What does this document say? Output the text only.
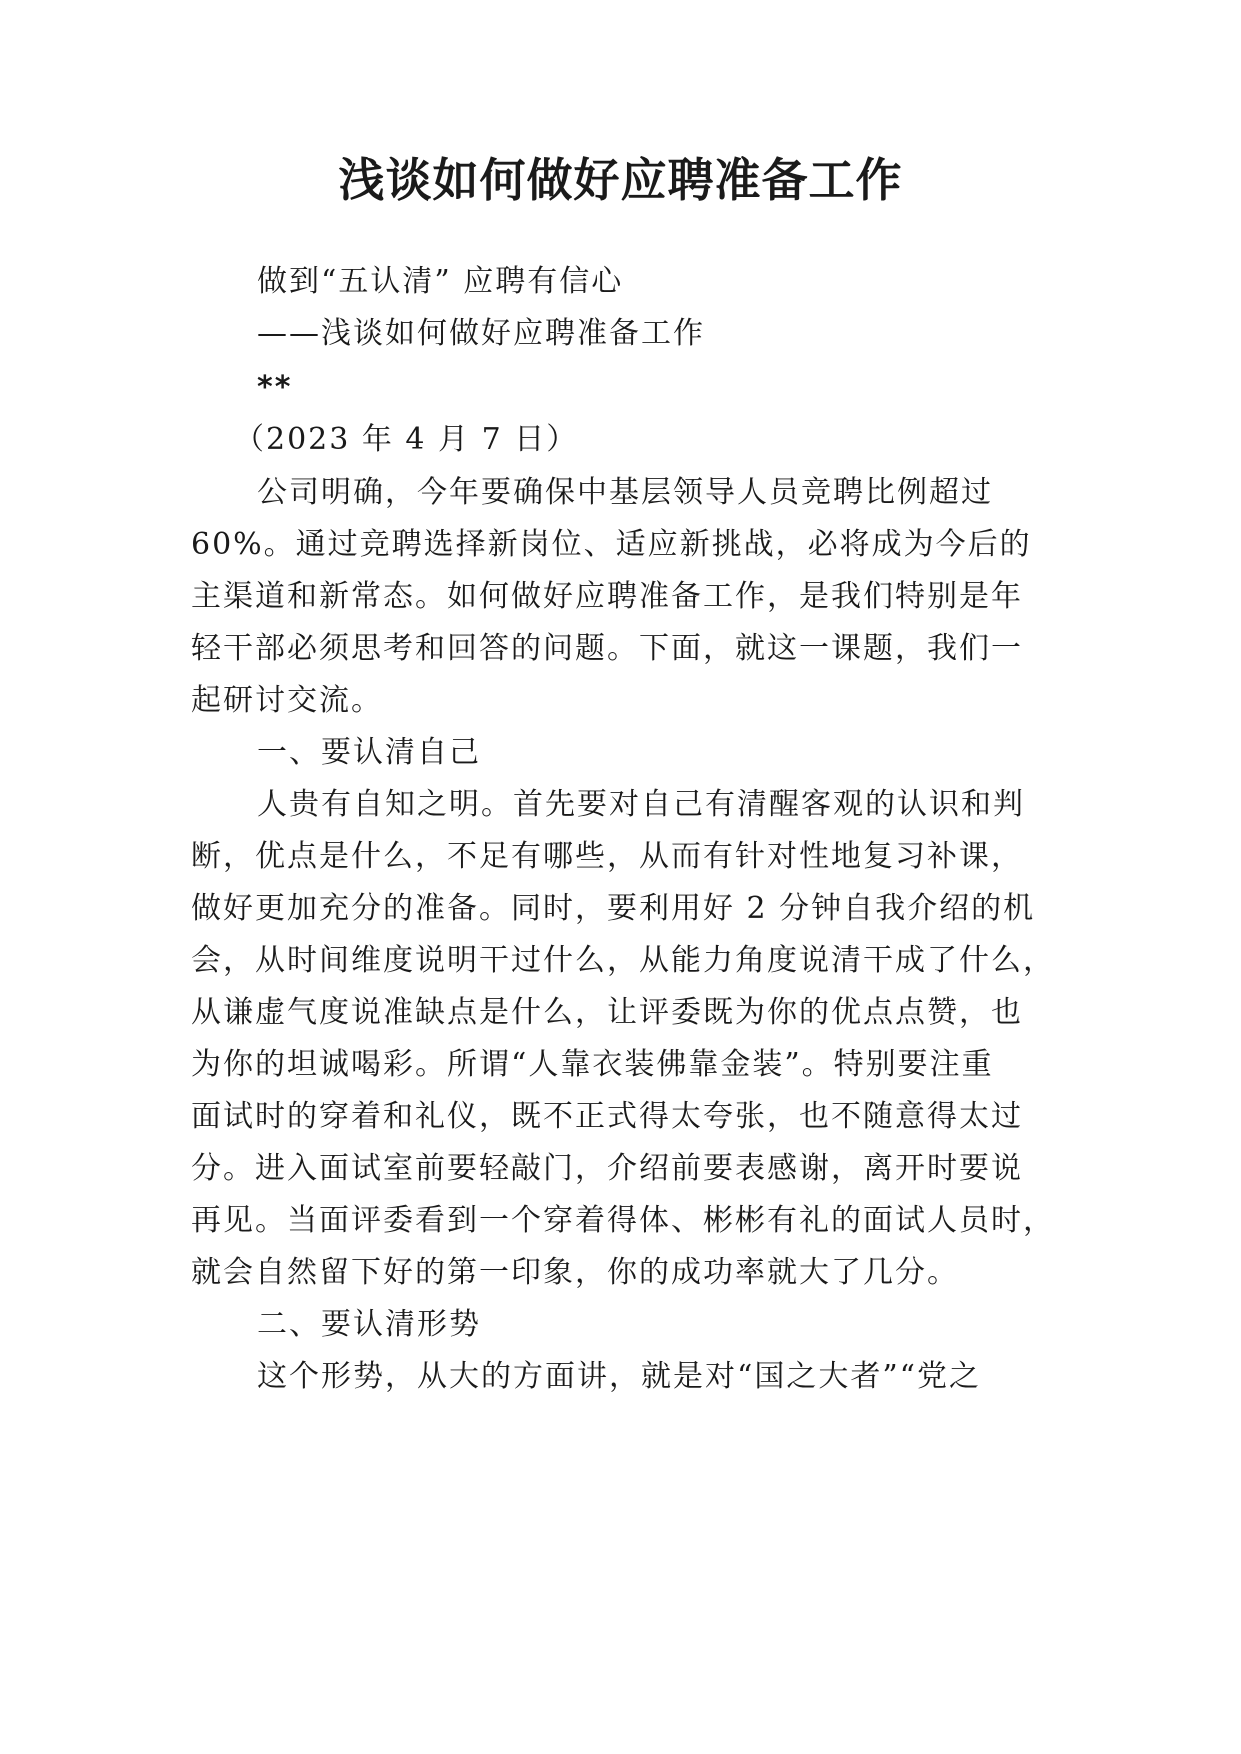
浅谈如何做好应聘准备工作
做到“五认清” 应聘有信心
——浅谈如何做好应聘准备工作
**
（2023 年 4 月 7 日）
公司明确，今年要确保中基层领导人员竞聘比例超过
60%。通过竞聘选择新岗位、适应新挑战，必将成为今后的
主渠道和新常态。如何做好应聘准备工作，是我们特别是年
轻干部必须思考和回答的问题。下面，就这一课题，我们一
起研讨交流。
一、要认清自己
人贵有自知之明。首先要对自己有清醒客观的认识和判
断，优点是什么，不足有哪些，从而有针对性地复习补课，
做好更加充分的准备。同时，要利用好 2 分钟自我介绍的机
会，从时间维度说明干过什么，从能力角度说清干成了什么，
从谦虚气度说准缺点是什么，让评委既为你的优点点赞，也
为你的坦诚喝彩。所谓“人靠衣装佛靠金装”。特别要注重
面试时的穿着和礼仪，既不正式得太夸张，也不随意得太过
分。进入面试室前要轻敲门，介绍前要表感谢，离开时要说
再见。当面评委看到一个穿着得体、彬彬有礼的面试人员时，
就会自然留下好的第一印象，你的成功率就大了几分。
二、要认清形势
这个形势，从大的方面讲，就是对“国之大者”“党之
